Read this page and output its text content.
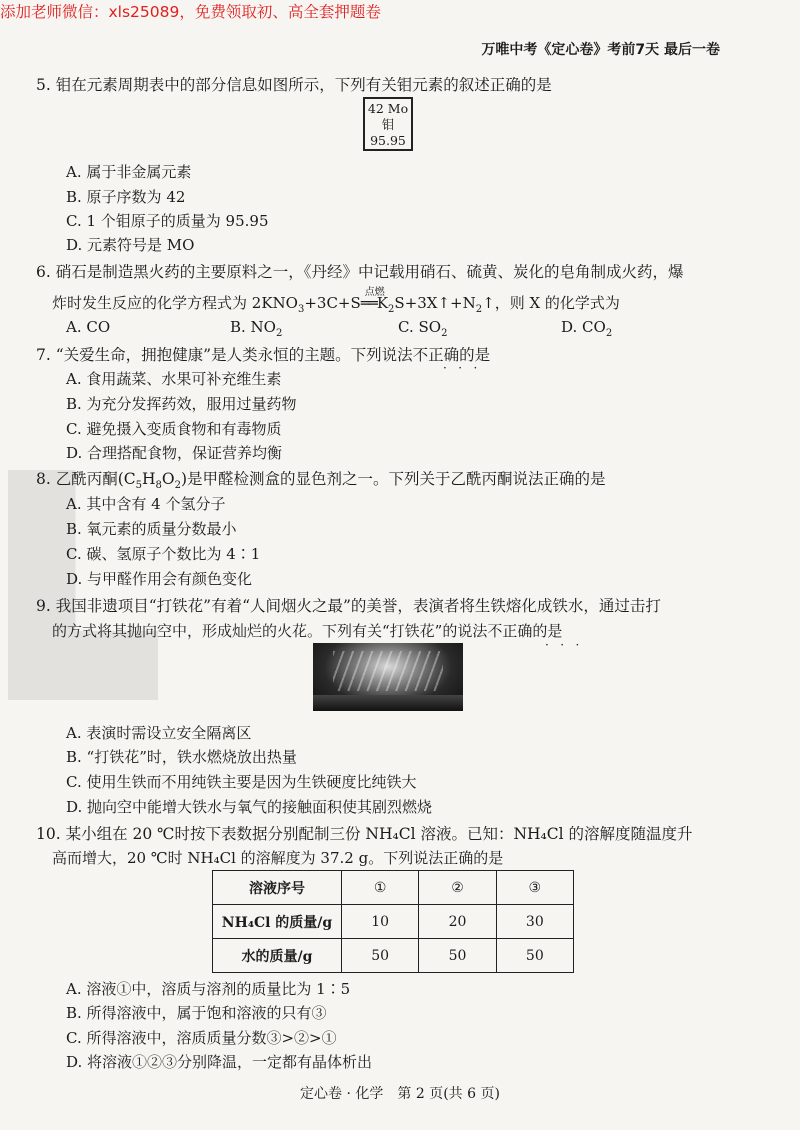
添加老师微信：xls25089，免费领取初、高全套押题卷
万唯中考《定心卷》考前7天 最后一卷
5. 钼在元素周期表中的部分信息如图所示，下列有关钼元素的叙述正确的是
42 Mo
钼
95.95
A. 属于非金属元素
B. 原子序数为 42
C. 1 个钼原子的质量为 95.95
D. 元素符号是 MO
6. 硝石是制造黑火药的主要原料之一，《丹经》中记载用硝石、硫黄、炭化的皂角制成火药，爆
炸时发生反应的化学方程式为 $2KNO_3+3C+S$
点燃
$══K_2S+3X↑+N_2↑$，则 X 的化学式为
A. CO	B. $NO_2$	C. $SO_2$	D. $CO_2$
7. “关爱生命，拥抱健康”是人类永恒的主题。下列说法不正确的是
·   ·   ·
A. 食用蔬菜、水果可补充维生素
B. 为充分发挥药效，服用过量药物
C. 避免摄入变质食物和有毒物质
D. 合理搭配食物，保证营养均衡
8. 乙酰丙酮$(C_5H_8O_2)$是甲醛检测盒的显色剂之一。下列关于乙酰丙酮说法正确的是
A. 其中含有 4 个氢分子
B. 氧元素的质量分数最小
C. 碳、氢原子个数比为 4∶1
D. 与甲醛作用会有颜色变化
9. 我国非遗项目“打铁花”有着“人间烟火之最”的美誉，表演者将生铁熔化成铁水，通过击打
的方式将其抛向空中，形成灿烂的火花。下列有关“打铁花”的说法不正确的是
·   ·   ·
A. 表演时需设立安全隔离区
B. “打铁花”时，铁水燃烧放出热量
C. 使用生铁而不用纯铁主要是因为生铁硬度比纯铁大
D. 抛向空中能增大铁水与氧气的接触面积使其剧烈燃烧
10. 某小组在 20 ℃时按下表数据分别配制三份 NH₄Cl 溶液。已知：NH₄Cl 的溶解度随温度升
高而增大，20 ℃时 NH₄Cl 的溶解度为 37.2 g。下列说法正确的是
溶液序号	①	②	③
NH₄Cl 的质量/g	10	20	30
水的质量/g	50	50	50
A. 溶液①中，溶质与溶剂的质量比为 1∶5
B. 所得溶液中，属于饱和溶液的只有③
C. 所得溶液中，溶质质量分数③>②>①
D. 将溶液①②③分别降温，一定都有晶体析出
定心卷 · 化学　第 2 页(共 6 页)
